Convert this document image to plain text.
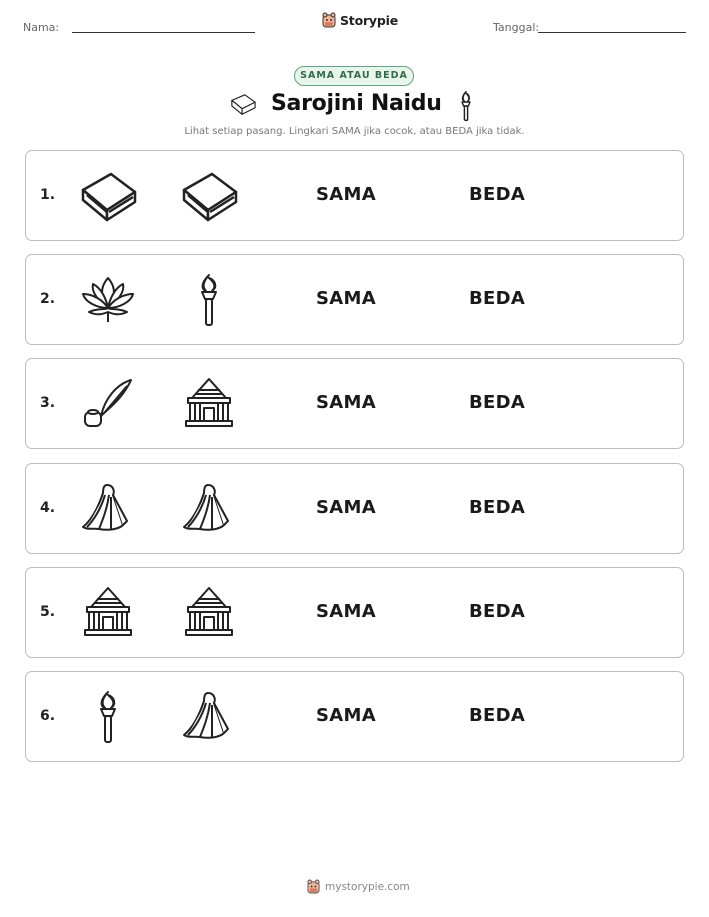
Nama:	Storypie	Tanggal:
SAMA ATAU BEDA
Sarojini Naidu
Lihat setiap pasang. Lingkari SAMA jika cocok, atau BEDA jika tidak.
1.	SAMA	BEDA
2.	SAMA	BEDA
3.	SAMA	BEDA
4.	SAMA	BEDA
5.	SAMA	BEDA
6.	SAMA	BEDA
mystorypie.com
